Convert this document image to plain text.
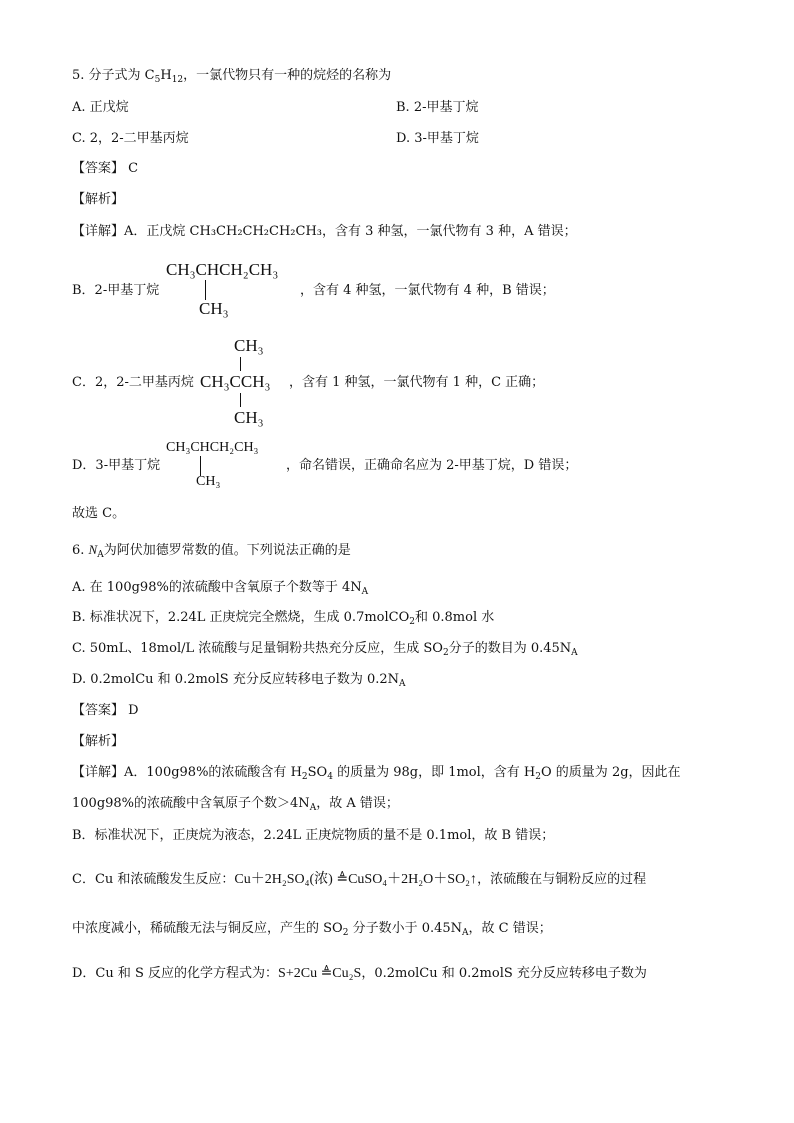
5. 分子式为 $C_5H_{12}$，一氯代物只有一种的烷烃的名称为
A. 正戊烷	B. 2-甲基丁烷
C. 2，2-二甲基丙烷	D. 3-甲基丁烷
【答案】 C
【解析】
【详解】A．正戊烷 CH₃CH₂CH₂CH₂CH₃，含有 3 种氢，一氯代物有 3 种，A 错误；
B．2-甲基丁烷
CH₃CHCH₂CH₃
CH₃
，含有 4 种氢，一氯代物有 4 种，B 错误；
C．2，2-二甲基丙烷
CH₃
CH₃CCH₃
CH₃
，含有 1 种氢，一氯代物有 1 种，C 正确；
D．3-甲基丁烷
CH₃CHCH₂CH₃
CH₃
，命名错误，正确命名应为 2-甲基丁烷，D 错误；
故选 C。
6. $N_A$为阿伏加德罗常数的值。下列说法正确的是
A. 在 100g98%的浓硫酸中含氧原子个数等于 $4N_A$
B. 标准状况下，2.24L 正庚烷完全燃烧，生成 0.7molCO$_2$和 0.8mol 水
C. 50mL、18mol/L 浓硫酸与足量铜粉共热充分反应，生成 $SO_2$分子的数目为 $0.45N_A$
D. 0.2molCu 和 0.2molS 充分反应转移电子数为 $0.2N_A$
【答案】 D
【解析】
【详解】A．100g98%的浓硫酸含有 $H_2SO_4$ 的质量为 98g，即 1mol，含有 $H_2O$ 的质量为 2g，因此在
100g98%的浓硫酸中含氧原子个数$>4N_A$，故 A 错误；
B．标准状况下，正庚烷为液态，2.24L 正庚烷物质的量不是 0.1mol，故 B 错误；
C．Cu 和浓硫酸发生反应：Cu＋2H₂SO₄(浓) ≜CuSO₄＋2H₂O＋SO₂↑，浓硫酸在与铜粉反应的过程
中浓度减小，稀硫酸无法与铜反应，产生的 $SO_2$ 分子数小于 $0.45N_A$，故 C 错误；
D．Cu 和 S 反应的化学方程式为：S+2Cu ≜Cu₂S，0.2molCu 和 0.2molS 充分反应转移电子数为
